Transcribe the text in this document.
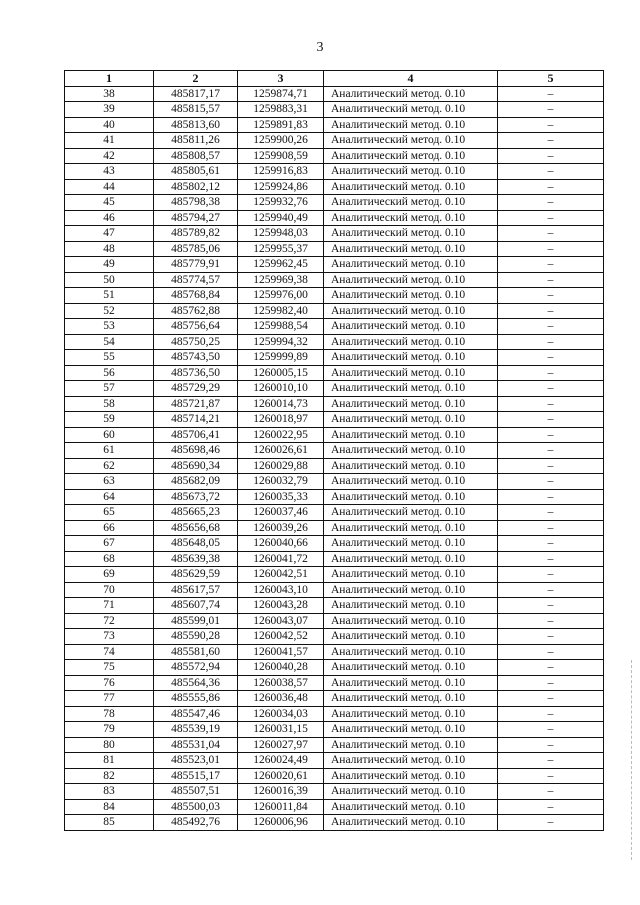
3
1	2	3	4	5
38	485817,17	1259874,71	Аналитический метод. 0.10	–
39	485815,57	1259883,31	Аналитический метод. 0.10	–
40	485813,60	1259891,83	Аналитический метод. 0.10	–
41	485811,26	1259900,26	Аналитический метод. 0.10	–
42	485808,57	1259908,59	Аналитический метод. 0.10	–
43	485805,61	1259916,83	Аналитический метод. 0.10	–
44	485802,12	1259924,86	Аналитический метод. 0.10	–
45	485798,38	1259932,76	Аналитический метод. 0.10	–
46	485794,27	1259940,49	Аналитический метод. 0.10	–
47	485789,82	1259948,03	Аналитический метод. 0.10	–
48	485785,06	1259955,37	Аналитический метод. 0.10	–
49	485779,91	1259962,45	Аналитический метод. 0.10	–
50	485774,57	1259969,38	Аналитический метод. 0.10	–
51	485768,84	1259976,00	Аналитический метод. 0.10	–
52	485762,88	1259982,40	Аналитический метод. 0.10	–
53	485756,64	1259988,54	Аналитический метод. 0.10	–
54	485750,25	1259994,32	Аналитический метод. 0.10	–
55	485743,50	1259999,89	Аналитический метод. 0.10	–
56	485736,50	1260005,15	Аналитический метод. 0.10	–
57	485729,29	1260010,10	Аналитический метод. 0.10	–
58	485721,87	1260014,73	Аналитический метод. 0.10	–
59	485714,21	1260018,97	Аналитический метод. 0.10	–
60	485706,41	1260022,95	Аналитический метод. 0.10	–
61	485698,46	1260026,61	Аналитический метод. 0.10	–
62	485690,34	1260029,88	Аналитический метод. 0.10	–
63	485682,09	1260032,79	Аналитический метод. 0.10	–
64	485673,72	1260035,33	Аналитический метод. 0.10	–
65	485665,23	1260037,46	Аналитический метод. 0.10	–
66	485656,68	1260039,26	Аналитический метод. 0.10	–
67	485648,05	1260040,66	Аналитический метод. 0.10	–
68	485639,38	1260041,72	Аналитический метод. 0.10	–
69	485629,59	1260042,51	Аналитический метод. 0.10	–
70	485617,57	1260043,10	Аналитический метод. 0.10	–
71	485607,74	1260043,28	Аналитический метод. 0.10	–
72	485599,01	1260043,07	Аналитический метод. 0.10	–
73	485590,28	1260042,52	Аналитический метод. 0.10	–
74	485581,60	1260041,57	Аналитический метод. 0.10	–
75	485572,94	1260040,28	Аналитический метод. 0.10	–
76	485564,36	1260038,57	Аналитический метод. 0.10	–
77	485555,86	1260036,48	Аналитический метод. 0.10	–
78	485547,46	1260034,03	Аналитический метод. 0.10	–
79	485539,19	1260031,15	Аналитический метод. 0.10	–
80	485531,04	1260027,97	Аналитический метод. 0.10	–
81	485523,01	1260024,49	Аналитический метод. 0.10	–
82	485515,17	1260020,61	Аналитический метод. 0.10	–
83	485507,51	1260016,39	Аналитический метод. 0.10	–
84	485500,03	1260011,84	Аналитический метод. 0.10	–
85	485492,76	1260006,96	Аналитический метод. 0.10	–
